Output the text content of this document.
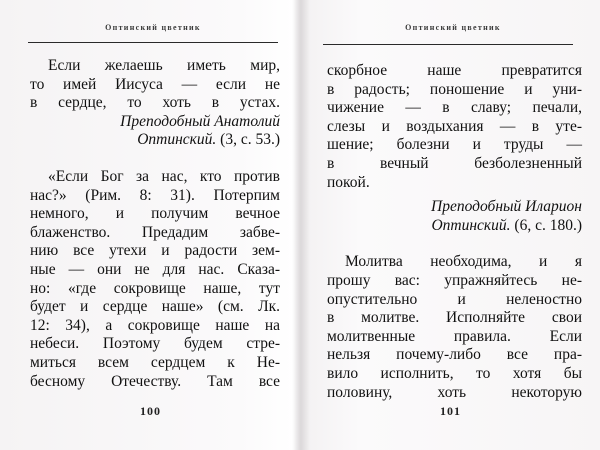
Оптинский цветник
Если желаешь иметь мир,
то имей Иисуса — если не
в сердце, то хоть в устах.
Преподобный Анатолий
Оптинский. (3, с. 53.)
«Если Бог за нас, кто против
нас?» (Рим. 8: 31). Потерпим
немного, и получим вечное
блаженство. Предадим забве-
нию все утехи и радости зем-
ные — они не для нас. Сказа-
но: «где сокровище наше, тут
будет и сердце наше» (см. Лк.
12: 34), а сокровище наше на
небеси. Поэтому будем стре-
миться всем сердцем к Не-
бесному Отечеству. Там все
100
Оптинский цветник
скорбное наше превратится
в радость; поношение и уни-
чижение — в славу; печали,
слезы и воздыхания — в уте-
шение; болезни и труды —
в вечный безболезненный
покой.
Преподобный Иларион
Оптинский. (6, с. 180.)
Молитва необходима, и я
прошу вас: упражняйтесь не-
опустительно и неленостно
в молитве. Исполняйте свои
молитвенные правила. Если
нельзя почему-либо все пра-
вило исполнить, то хотя бы
половину, хоть некоторую
101
